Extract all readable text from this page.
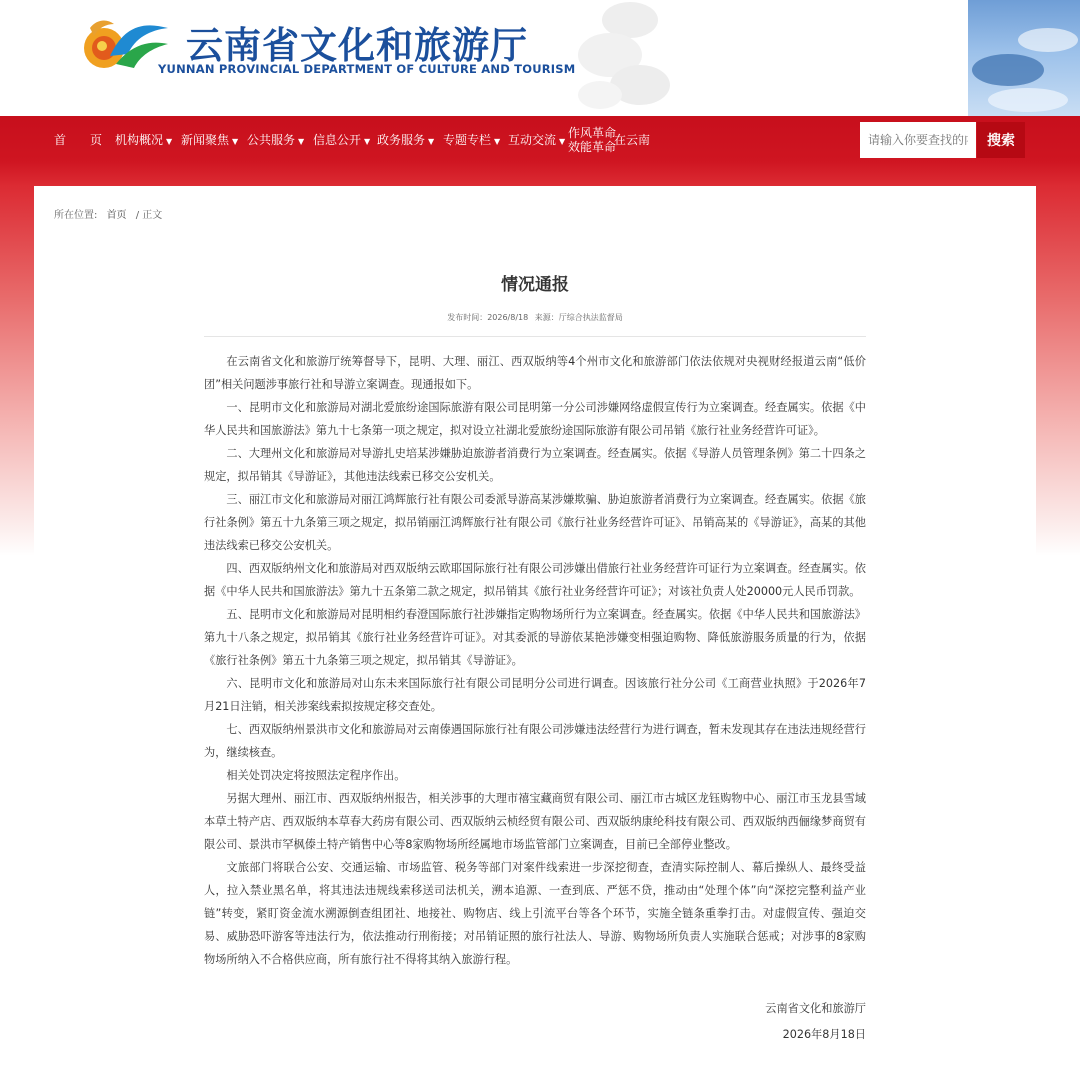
云南省文化和旅游厅
YUNNAN PROVINCIAL DEPARTMENT OF CULTURE AND TOURISM
首　　页 机构概况 ▼ 新闻聚焦 ▼ 公共服务 ▼ 信息公开 ▼ 政务服务 ▼ 专题专栏 ▼ 互动交流 ▼
作风革命
效能革命
在云南
请输入你要查找的内容	搜索
所在位置: 首页 / 正文
情况通报
发布时间：2026/8/18 来源：厅综合执法监督局

在云南省文化和旅游厅统筹督导下，昆明、大理、丽江、西双版纳等4个州市文化和旅游部门依法依规对央视财经报道云南“低价团”相关问题涉事旅行社和导游立案调查。现通报如下。

一、昆明市文化和旅游局对湖北爱旅纷途国际旅游有限公司昆明第一分公司涉嫌网络虚假宣传行为立案调查。经查属实。依据《中华人民共和国旅游法》第九十七条第一项之规定，拟对设立社湖北爱旅纷途国际旅游有限公司吊销《旅行社业务经营许可证》。

二、大理州文化和旅游局对导游扎史培某涉嫌胁迫旅游者消费行为立案调查。经查属实。依据《导游人员管理条例》第二十四条之规定，拟吊销其《导游证》，其他违法线索已移交公安机关。

三、丽江市文化和旅游局对丽江鸿辉旅行社有限公司委派导游高某涉嫌欺骗、胁迫旅游者消费行为立案调查。经查属实。依据《旅行社条例》第五十九条第三项之规定，拟吊销丽江鸿辉旅行社有限公司《旅行社业务经营许可证》、吊销高某的《导游证》，高某的其他违法线索已移交公安机关。

四、西双版纳州文化和旅游局对西双版纳云欧耶国际旅行社有限公司涉嫌出借旅行社业务经营许可证行为立案调查。经查属实。依据《中华人民共和国旅游法》第九十五条第二款之规定，拟吊销其《旅行社业务经营许可证》；对该社负责人处20000元人民币罚款。

五、昆明市文化和旅游局对昆明相约春澄国际旅行社涉嫌指定购物场所行为立案调查。经查属实。依据《中华人民共和国旅游法》第九十八条之规定，拟吊销其《旅行社业务经营许可证》。对其委派的导游依某艳涉嫌变相强迫购物、降低旅游服务质量的行为，依据《旅行社条例》第五十九条第三项之规定，拟吊销其《导游证》。

六、昆明市文化和旅游局对山东未来国际旅行社有限公司昆明分公司进行调查。因该旅行社分公司《工商营业执照》于2026年7月21日注销，相关涉案线索拟按规定移交查处。

七、西双版纳州景洪市文化和旅游局对云南傣遇国际旅行社有限公司涉嫌违法经营行为进行调查，暂未发现其存在违法违规经营行为，继续核查。

相关处罚决定将按照法定程序作出。

另据大理州、丽江市、西双版纳州报告，相关涉事的大理市禧宝藏商贸有限公司、丽江市古城区龙钰购物中心、丽江市玉龙县雪域本草土特产店、西双版纳本草春大药房有限公司、西双版纳云桢经贸有限公司、西双版纳康纶科技有限公司、西双版纳西俪缘梦商贸有限公司、景洪市罕枫傣土特产销售中心等8家购物场所经属地市场监管部门立案调查，目前已全部停业整改。

文旅部门将联合公安、交通运输、市场监管、税务等部门对案件线索进一步深挖彻查，查清实际控制人、幕后操纵人、最终受益人，拉入禁业黑名单，将其违法违规线索移送司法机关，溯本追源、一查到底、严惩不贷，推动由“处理个体”向“深挖完整利益产业链”转变，紧盯资金流水溯源倒查组团社、地接社、购物店、线上引流平台等各个环节，实施全链条重拳打击。对虚假宣传、强迫交易、威胁恐吓游客等违法行为，依法推动行刑衔接；对吊销证照的旅行社法人、导游、购物场所负责人实施联合惩戒；对涉事的8家购物场所纳入不合格供应商，所有旅行社不得将其纳入旅游行程。

云南省文化和旅游厅
2026年8月18日
